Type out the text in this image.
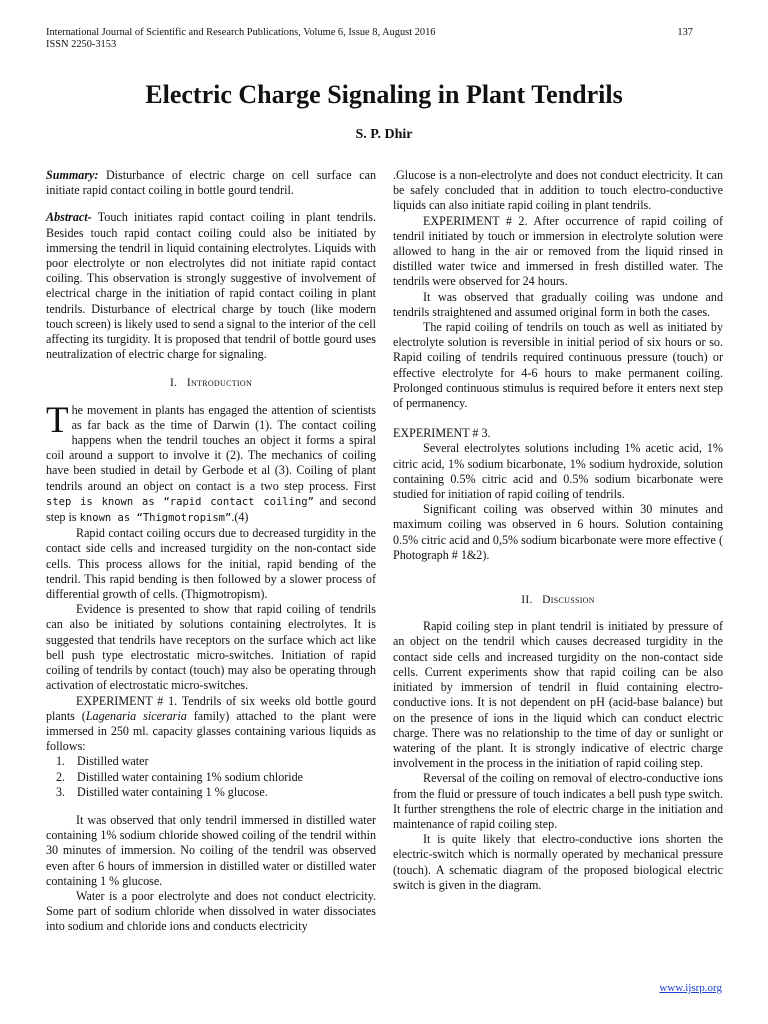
International Journal of Scientific and Research Publications, Volume 6, Issue 8, August 2016
ISSN 2250-3153
137
Electric Charge Signaling in Plant Tendrils
S. P. Dhir

Summary: Disturbance of electric charge on cell surface can initiate rapid contact coiling in bottle gourd tendril.

Abstract- Touch initiates rapid contact coiling in plant tendrils. Besides touch rapid contact coiling could also be initiated by immersing the tendril in liquid containing electrolytes. Liquids with poor electrolyte or non electrolytes did not initiate rapid contact coiling. This observation is strongly suggestive of involvement of electrical charge in the initiation of rapid contact coiling in plant tendrils. Disturbance of electrical charge by touch (like modern touch screen) is likely used to send a signal to the interior of the cell affecting its turgidity. It is proposed that tendril of bottle gourd uses neutralization of electric charge for signaling.

I. Introduction

The movement in plants has engaged the attention of scientists as far back as the time of Darwin (1). The contact coiling happens when the tendril touches an object it forms a spiral coil around a support to involve it (2). The mechanics of coiling have been studied in detail by Gerbode et al (3). Coiling of plant tendrils around an object on contact is a two step process. First step is known as “rapid contact coiling” and second step is known as “Thigmotropism”.(4)

Rapid contact coiling occurs due to decreased turgidity in the contact side cells and increased turgidity on the non-contact side cells. This process allows for the initial, rapid bending of the tendril. This rapid bending is then followed by a slower process of differential growth of cells. (Thigmotropism).

Evidence is presented to show that rapid coiling of tendrils can also be initiated by solutions containing electrolytes. It is suggested that tendrils have receptors on the surface which act like bell push type electrostatic micro-switches. Initiation of rapid coiling of tendrils by contact (touch) may also be operating through activation of electrostatic micro-switches.

EXPERIMENT # 1. Tendrils of six weeks old bottle gourd plants (Lagenaria siceraria family) attached to the plant were immersed in 250 ml. capacity glasses containing various liquids as follows:

1. Distilled water
2. Distilled water containing 1% sodium chloride
3. Distilled water containing 1 % glucose.

It was observed that only tendril immersed in distilled water containing 1% sodium chloride showed coiling of the tendril within 30 minutes of immersion. No coiling of the tendril was observed even after 6 hours of immersion in distilled water or distilled water containing 1 % glucose.

Water is a poor electrolyte and does not conduct electricity. Some part of sodium chloride when dissolved in water dissociates into sodium and chloride ions and conducts electricity

.Glucose is a non-electrolyte and does not conduct electricity. It can be safely concluded that in addition to touch electro-conductive liquids can also initiate rapid coiling in plant tendrils.

EXPERIMENT # 2. After occurrence of rapid coiling of tendril initiated by touch or immersion in electrolyte solution were allowed to hang in the air or removed from the liquid rinsed in distilled water twice and immersed in fresh distilled water. The tendrils were observed for 24 hours.

It was observed that gradually coiling was undone and tendrils straightened and assumed original form in both the cases.

The rapid coiling of tendrils on touch as well as initiated by electrolyte solution is reversible in initial period of six hours or so. Rapid coiling of tendrils required continuous pressure (touch) or effective electrolyte for 4-6 hours to make permanent coiling. Prolonged continuous stimulus is required before it enters next step of permanency.

EXPERIMENT # 3.

Several electrolytes solutions including 1% acetic acid, 1% citric acid, 1% sodium bicarbonate, 1% sodium hydroxide, solution containing 0.5% citric acid and 0.5% sodium bicarbonate were studied for initiation of rapid coiling of tendrils.

Significant coiling was observed within 30 minutes and maximum coiling was observed in 6 hours. Solution containing 0.5% citric acid and 0,5% sodium bicarbonate were more effective ( Photograph # 1&2).

II. Discussion

Rapid coiling step in plant tendril is initiated by pressure of an object on the tendril which causes decreased turgidity in the contact side cells and increased turgidity on the non-contact side cells. Current experiments show that rapid coiling can be also initiated by immersion of tendril in fluid containing electro-conductive ions. It is not dependent on pH (acid-base balance) but on the presence of ions in the liquid which can conduct electric charge. There was no relationship to the time of day or sunlight or watering of the plant. It is strongly indicative of electric charge involvement in the process in the initiation of rapid coiling step.

Reversal of the coiling on removal of electro-conductive ions from the fluid or pressure of touch indicates a bell push type switch. It further strengthens the role of electric charge in the initiation and maintenance of rapid coiling step.

It is quite likely that electro-conductive ions shorten the electric-switch which is normally operated by mechanical pressure (touch). A schematic diagram of the proposed biological electric switch is given in the diagram.

www.ijsrp.org
